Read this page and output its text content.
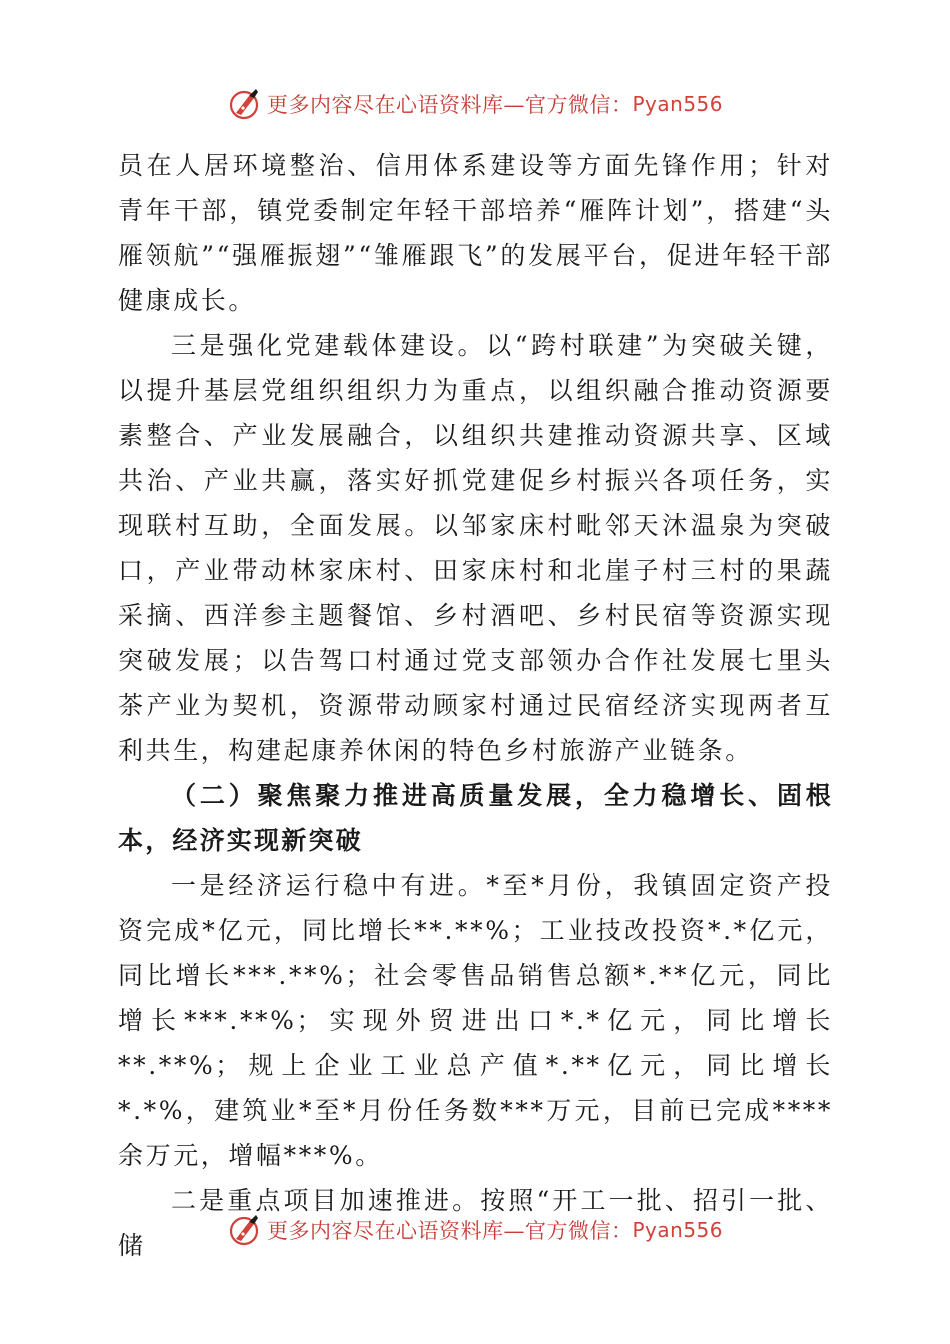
更多内容尽在心语资料库—官方微信： Pyan556

员在人居环境整治、信用体系建设等方面先锋作用；针对青年干部，镇党委制定年轻干部培养“雁阵计划”，搭建“头雁领航”“强雁振翅”“雏雁跟飞”的发展平台，促进年轻干部健康成长。

三是强化党建载体建设。以“跨村联建”为突破关键，以提升基层党组织组织力为重点，以组织融合推动资源要素整合、产业发展融合，以组织共建推动资源共享、区域共治、产业共赢，落实好抓党建促乡村振兴各项任务，实现联村互助，全面发展。以邹家床村毗邻天沐温泉为突破口，产业带动林家床村、田家床村和北崖子村三村的果蔬采摘、西洋参主题餐馆、乡村酒吧、乡村民宿等资源实现突破发展；以告驾口村通过党支部领办合作社发展七里头茶产业为契机，资源带动顾家村通过民宿经济实现两者互利共生，构建起康养休闲的特色乡村旅游产业链条。

（二）聚焦聚力推进高质量发展，全力稳增长、固根本，经济实现新突破

一是经济运行稳中有进。*至*月份，我镇固定资产投资完成*亿元，同比增长**.**%；工业技改投资*.*亿元，同比增长***.**%；社会零售品销售总额*.**亿元，同比增长***.**%；实现外贸进出口*.*亿元，同比增长**.**%；规上企业工业总产值*.**亿元，同比增长*.*%，建筑业*至*月份任务数***万元，目前已完成****余万元，增幅***%。

二是重点项目加速推进。按照“开工一批、招引一批、储	更多内容尽在心语资料库—官方微信： Pyan556
